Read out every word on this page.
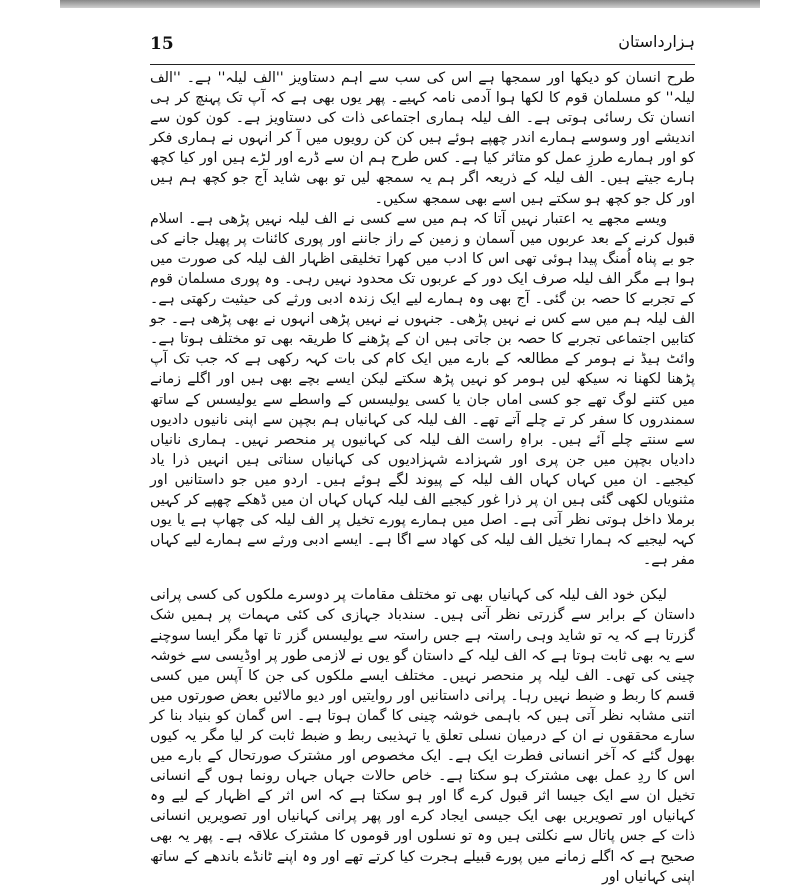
15	ہزارداستان

طرح انسان کو دیکھا اور سمجھا ہے اس کی سب سے اہم دستاویز ''الف لیلہ'' ہے۔ ''الف لیلہ'' کو مسلمان قوم کا لکھا ہوا آدمی نامہ کہیے۔ پھر یوں بھی ہے کہ آپ تک پہنچ کر ہی انسان تک رسائی ہوتی ہے۔ الف لیلہ ہماری اجتماعی ذات کی دستاویز ہے۔ کون کون سے اندیشے اور وسوسے ہمارے اندر چھپے ہوئے ہیں کن کن رویوں میں آ کر انہوں نے ہماری فکر کو اور ہمارے طرزِ عمل کو متاثر کیا ہے۔ کس طرح ہم ان سے ڈرے اور لڑے ہیں اور کیا کچھ ہارے جیتے ہیں۔ الف لیلہ کے ذریعہ اگر ہم یہ سمجھ لیں تو بھی شاید آج جو کچھ ہم ہیں اور کل جو کچھ ہو سکتے ہیں اسے بھی سمجھ سکیں۔

ویسے مجھے یہ اعتبار نہیں آتا کہ ہم میں سے کسی نے الف لیلہ نہیں پڑھی ہے۔ اسلام قبول کرنے کے بعد عربوں میں آسمان و زمین کے راز جاننے اور پوری کائنات پر پھیل جانے کی جو بے پناہ اُمنگ پیدا ہوئی تھی اس کا ادب میں کھرا تخلیقی اظہار الف لیلہ کی صورت میں ہوا ہے مگر الف لیلہ صرف ایک دور کے عربوں تک محدود نہیں رہی۔ وہ پوری مسلمان قوم کے تجربے کا حصہ بن گئی۔ آج بھی وہ ہمارے لیے ایک زندہ ادبی ورثے کی حیثیت رکھتی ہے۔ الف لیلہ ہم میں سے کس نے نہیں پڑھی۔ جنہوں نے نہیں پڑھی انہوں نے بھی پڑھی ہے۔ جو کتابیں اجتماعی تجربے کا حصہ بن جاتی ہیں ان کے پڑھنے کا طریقہ بھی تو مختلف ہوتا ہے۔ وائٹ ہیڈ نے ہومر کے مطالعہ کے بارے میں ایک کام کی بات کہہ رکھی ہے کہ جب تک آپ پڑھنا لکھنا نہ سیکھ لیں ہومر کو نہیں پڑھ سکتے لیکن ایسے بچے بھی ہیں اور اگلے زمانے میں کتنے لوگ تھے جو کسی اماں جان یا کسی یولیسس کے واسطے سے یولیسس کے ساتھ سمندروں کا سفر کر تے چلے آتے تھے۔ الف لیلہ کی کہانیاں ہم بچپن سے اپنی نانیوں دادیوں سے سنتے چلے آئے ہیں۔ براہِ راست الف لیلہ کی کہانیوں پر منحصر نہیں۔ ہماری نانیاں دادیاں بچپن میں جن پری اور شہزادے شہزادیوں کی کہانیاں سناتی ہیں انہیں ذرا یاد کیجیے۔ ان میں کہاں کہاں الف لیلہ کے پیوند لگے ہوئے ہیں۔ اردو میں جو داستانیں اور مثنویاں لکھی گئی ہیں ان پر ذرا غور کیجیے الف لیلہ کہاں کہاں ان میں ڈھکے چھپے کر کہیں برملا داخل ہوتی نظر آتی ہے۔ اصل میں ہمارے پورے تخیل پر الف لیلہ کی چھاپ ہے یا یوں کہہ لیجیے کہ ہمارا تخیل الف لیلہ کی کھاد سے اگا ہے۔ ایسے ادبی ورثے سے ہمارے لیے کہاں مفر ہے۔

لیکن خود الف لیلہ کی کہانیاں بھی تو مختلف مقامات پر دوسرے ملکوں کی کسی پرانی داستان کے برابر سے گزرتی نظر آتی ہیں۔ سندباد جہازی کی کئی مہمات پر ہمیں شک گزرتا ہے کہ یہ تو شاید وہی راستہ ہے جس راستہ سے یولیسس گزر تا تھا مگر ایسا سوچنے سے یہ بھی ثابت ہوتا ہے کہ الف لیلہ کے داستان گو یوں نے لازمی طور پر اوڈیسی سے خوشہ چینی کی تھی۔ الف لیلہ پر منحصر نہیں۔ مختلف ایسے ملکوں کی جن کا آپس میں کسی قسم کا ربط و ضبط نہیں رہا۔ پرانی داستانیں اور روایتیں اور دیو مالائیں بعض صورتوں میں اتنی مشابہ نظر آتی ہیں کہ باہمی خوشہ چینی کا گمان ہوتا ہے۔ اس گمان کو بنیاد بنا کر سارے محققوں نے ان کے درمیان نسلی تعلق یا تہذیبی ربط و ضبط ثابت کر لیا مگر یہ کیوں بھول گئے کہ آخر انسانی فطرت ایک ہے۔ ایک مخصوص اور مشترک صورتحال کے بارے میں اس کا ردِ عمل بھی مشترک ہو سکتا ہے۔ خاص حالات جہاں جہاں رونما ہوں گے انسانی تخیل ان سے ایک جیسا اثر قبول کرے گا اور ہو سکتا ہے کہ اس اثر کے اظہار کے لیے وہ کہانیاں اور تصویریں بھی ایک جیسی ایجاد کرے اور پھر پرانی کہانیاں اور تصویریں انسانی ذات کے جس پاتال سے نکلتی ہیں وہ تو نسلوں اور قوموں کا مشترک علاقہ ہے۔ پھر یہ بھی صحیح ہے کہ اگلے زمانے میں پورے قبیلے ہجرت کیا کرتے تھے اور وہ اپنے ٹانڈے باندھے کے ساتھ اپنی کہانیاں اور
